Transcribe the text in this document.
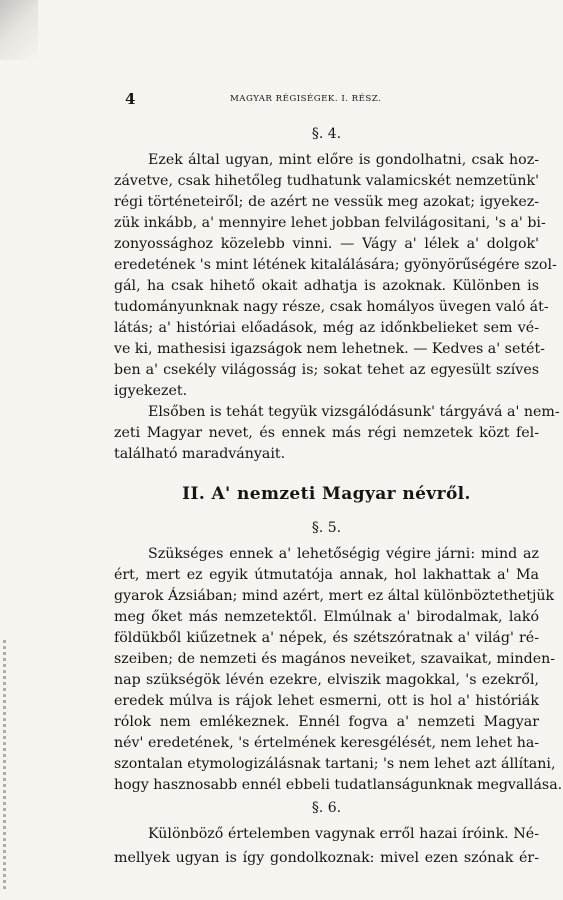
4	MAGYAR RÉGISÉGEK. I. RÉSZ.
§. 4.
Ezek által ugyan, mint előre is gondolhatni, csak hoz-
závetve, csak hihetőleg tudhatunk valamicskét nemzetünk'
régi történeteiről; de azért ne vessük meg azokat; igyekez-
zük inkább, a' mennyire lehet jobban felvilágositani, 's a' bi-
zonyossághoz közelebb vinni. — Vágy a' lélek a' dolgok'
eredetének 's mint létének kitalálására; gyönyörűségére szol-
gál, ha csak hihető okait adhatja is azoknak. Különben is
tudományunknak nagy része, csak homályos üvegen való át-
látás; a' históriai előadások, még az időnkbelieket sem vé-
ve ki, mathesisi igazságok nem lehetnek. — Kedves a' setét-
ben a' csekély világosság is; sokat tehet az egyesült szíves
igyekezet.
Elsőben is tehát tegyük vizsgálódásunk' tárgyává a' nem-
zeti Magyar nevet, és ennek más régi nemzetek közt fel-
található maradványait.
II. A' nemzeti Magyar névről.
§. 5.
Szükséges ennek a' lehetőségig végire járni: mind az
ért, mert ez egyik útmutatója annak, hol lakhattak a' Ma
gyarok Ázsiában; mind azért, mert ez által különböztethetjük
meg őket más nemzetektől. Elmúlnak a' birodalmak, lakó
földükből kiűzetnek a' népek, és szétszóratnak a' világ' ré-
szeiben; de nemzeti és magános neveiket, szavaikat, minden-
nap szükségök lévén ezekre, elviszik magokkal, 's ezekről,
eredek múlva is rájok lehet esmerni, ott is hol a' históriák
rólok nem emlékeznek. Ennél fogva a' nemzeti Magyar
név' eredetének, 's értelmének keresgélését, nem lehet ha-
szontalan etymologizálásnak tartani; 's nem lehet azt állítani,
hogy hasznosabb ennél ebbeli tudatlanságunknak megvallása.
§. 6.
Különböző értelemben vagynak erről hazai íróink. Né-
mellyek ugyan is így gondolkoznak: mivel ezen szónak ér-
